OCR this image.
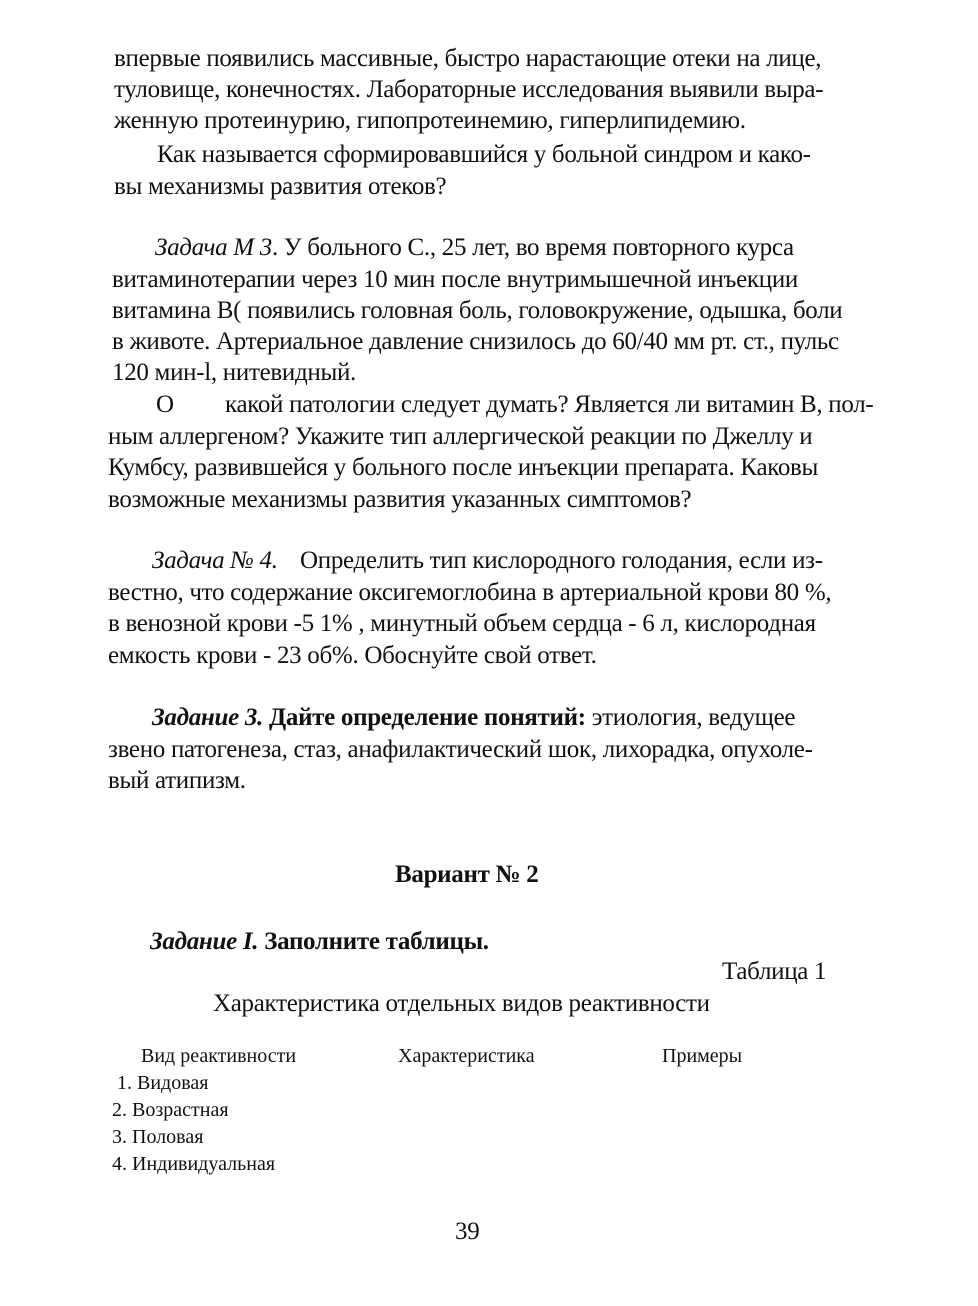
впервые появились массивные, быстро нарастающие отеки на лице,
туловище, конечностях. Лабораторные исследования выявили выра-
женную протеинурию, гипопротеинемию, гиперлипидемию.
Как называется сформировавшийся у больной синдром и како-
вы механизмы развития отеков?
Задача М 3. У больного С., 25 лет, во время повторного курса
витаминотерапии через 10 мин после внутримышечной инъекции
витамина В( появились головная боль, головокружение, одышка, боли
в животе. Артериальное давление снизилось до 60/40 мм рт. ст., пульс
120 мин-l, нитевидный.
О какой патологии следует думать? Является ли витамин В, пол-
ным аллергеном? Укажите тип аллергической реакции по Джеллу и
Кумбсу, развившейся у больного после инъекции препарата. Каковы
возможные механизмы развития указанных симптомов?
Задача № 4. Определить тип кислородного голодания, если из-
вестно, что содержание оксигемоглобина в артериальной крови 80 %,
в венозной крови -5 1% , минутный объем сердца - 6 л, кислородная
емкость крови - 23 об%. Обоснуйте свой ответ.
Задание 3. Дайте определение понятий: этиология, ведущее
звено патогенеза, стаз, анафилактический шок, лихорадка, опухоле-
вый атипизм.
Вариант № 2
Задание I. Заполните таблицы.
Таблица 1
Характеристика отдельных видов реактивности
Вид реактивности	Характеристика	Примеры
1. Видовая
2. Возрастная
3. Половая
4. Индивидуальная
39
